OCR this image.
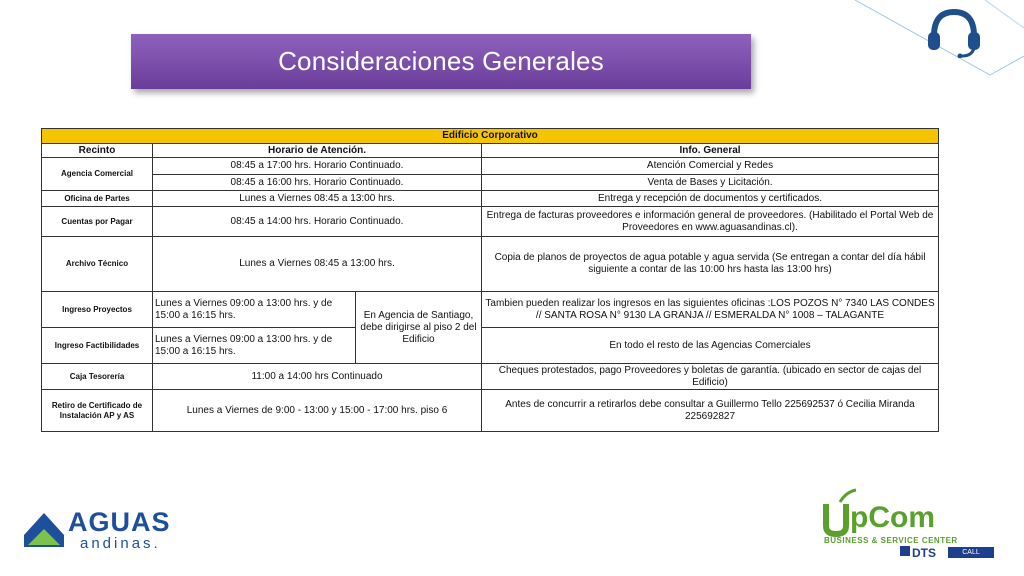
Consideraciones Generales
Edificio Corporativo			
Recinto	Horario de Atención.		Info. General
Agencia Comercial	08:45 a 17:00 hrs. Horario Continuado.		Atención Comercial y Redes
	08:45 a 16:00 hrs. Horario Continuado.		Venta de Bases y Licitación.
Oficina de Partes	Lunes a Viernes 08:45 a 13:00 hrs.		Entrega y recepción de documentos y certificados.
Cuentas por Pagar	08:45 a 14:00 hrs. Horario Continuado.		Entrega de facturas proveedores e información general de proveedores. (Habilitado el Portal Web de Proveedores en www.aguasandinas.cl).
Archivo Técnico	Lunes a Viernes 08:45 a 13:00 hrs.		Copia de planos de proyectos de agua potable y agua servida (Se entregan a contar del día hábil siguiente a contar de las 10:00 hrs hasta las 13:00 hrs)
Ingreso Proyectos	Lunes a Viernes 09:00 a 13:00 hrs. y de 15:00 a 16:15 hrs.	En Agencia de Santiago, debe dirigirse al piso 2 del Edificio	Tambien pueden realizar los ingresos en las siguientes oficinas :LOS POZOS N° 7340 LAS CONDES // SANTA ROSA N° 9130 LA GRANJA // ESMERALDA N° 1008 – TALAGANTE
Ingreso Factibilidades	Lunes a Viernes 09:00 a 13:00 hrs. y de 15:00 a 16:15 hrs.		En todo el resto de las Agencias Comerciales
Caja Tesorería	11:00 a 14:00 hrs Continuado		Cheques protestados, pago Proveedores y boletas de garantía. (ubicado en sector de cajas del Edificio)
Retiro de Certificado de Instalación AP y AS	Lunes a Viernes de 9:00 - 13:00 y 15:00 - 17:00 hrs. piso 6		Antes de concurrir a retirarlos debe consultar a Guillermo Tello 225692537 ó Cecilia Miranda 225692827
AGUAS
andinas.
pCom
BUSINESS & SERVICE CENTER
DTS	CALL CENTER
